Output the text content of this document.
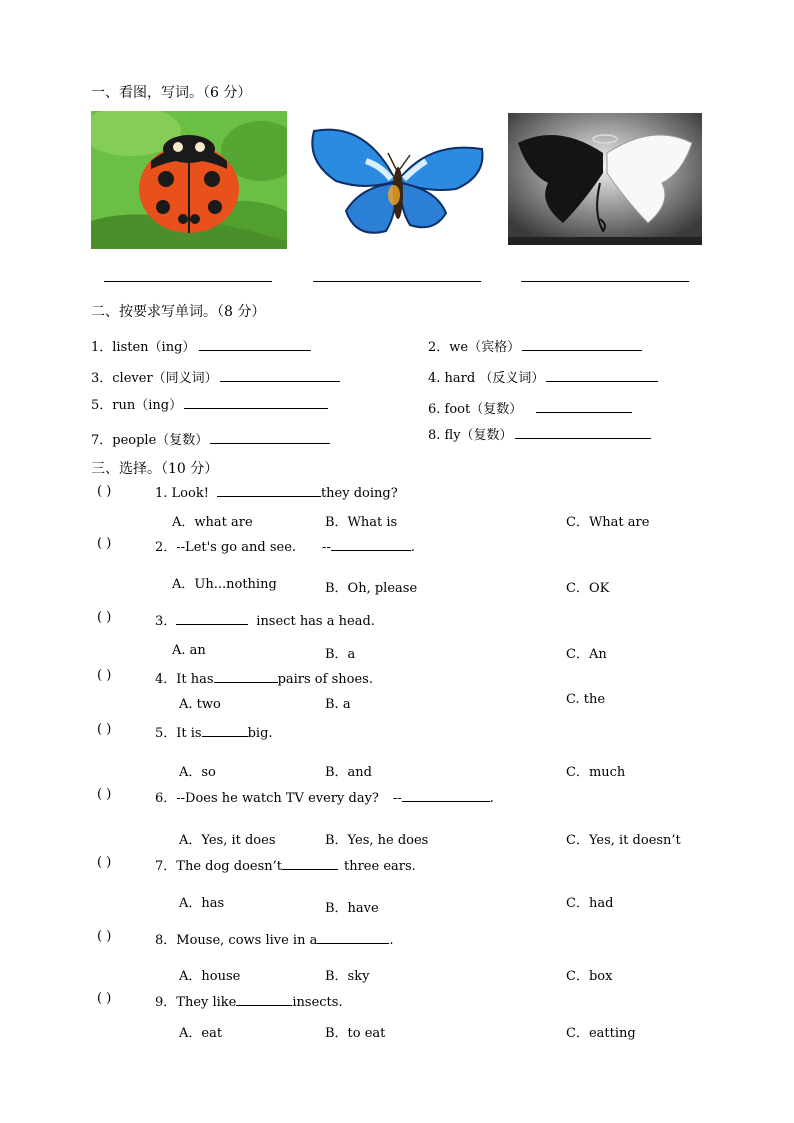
一、看图，写词。（6 分）
二、按要求写单词。（8 分）
1．listen（ing）	2．we（宾格）
3．clever（同义词）	4. hard （反义词）
5．run（ing）	6. foot（复数）
7．people（复数）	8. fly（复数）
三、选择。（10 分）
( )	1. Look!	they doing?
A．what are	B．What is	C．What are
( )	2．--Let's go and see. --	.
A．Uh...nothing	B．Oh, please	C．OK
( )	3．	insect has a head.
A. an	B．a	C．An
( )	4．It has	pairs of shoes.
A. two	B. a	C. the
( )	5．It is	big.
A．so	B．and	C．much
( )	6．--Does he watch TV every day? --	.
A．Yes, it does	B．Yes, he does	C．Yes, it doesn’t
( )	7．The dog doesn’t	three ears.
A．has	B．have	C．had
( )	8．Mouse, cows live in a	.
A．house	B．sky	C．box
( )	9．They like	insects.
A．eat	B．to eat	C．eatting
